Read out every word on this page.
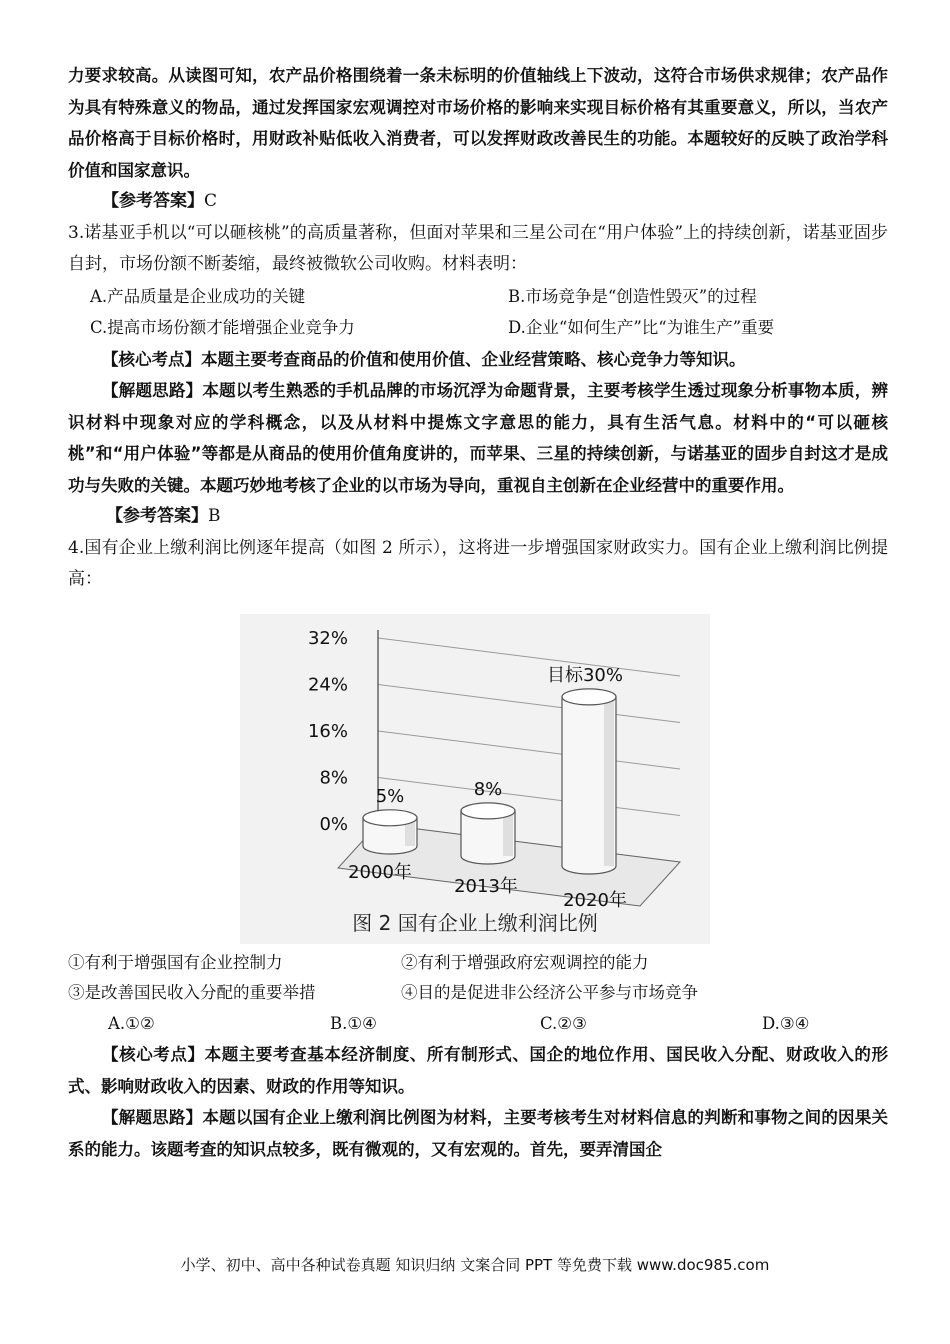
力要求较高。从读图可知，农产品价格围绕着一条未标明的价值轴线上下波动，这符合市场供求规律；农产品作为具有特殊意义的物品，通过发挥国家宏观调控对市场价格的影响来实现目标价格有其重要意义，所以，当农产品价格高于目标价格时，用财政补贴低收入消费者，可以发挥财政改善民生的功能。本题较好的反映了政治学科价值和国家意识。

【参考答案】C

3.诺基亚手机以“可以砸核桃”的高质量著称，但面对苹果和三星公司在“用户体验”上的持续创新，诺基亚固步自封，市场份额不断萎缩，最终被微软公司收购。材料表明：

A.产品质量是企业成功的关键	B.市场竞争是“创造性毁灭”的过程
C.提高市场份额才能增强企业竞争力	D.企业“如何生产”比“为谁生产”重要

【核心考点】本题主要考查商品的价值和使用价值、企业经营策略、核心竞争力等知识。

【解题思路】本题以考生熟悉的手机品牌的市场沉浮为命题背景，主要考核学生透过现象分析事物本质，辨识材料中现象对应的学科概念，以及从材料中提炼文字意思的能力，具有生活气息。材料中的“可以砸核桃”和“用户体验”等都是从商品的使用价值角度讲的，而苹果、三星的持续创新，与诺基亚的固步自封这才是成功与失败的关键。本题巧妙地考核了企业的以市场为导向，重视自主创新在企业经营中的重要作用。

【参考答案】B

4.国有企业上缴利润比例逐年提高（如图 2 所示），这将进一步增强国家财政实力。国有企业上缴利润比例提高：

0%
8%
16%
24%
32%
5%
2000年
8%
2013年
目标30%
2020年
图 2 国有企业上缴利润比例
①有利于增强国有企业控制力	②有利于增强政府宏观调控的能力
③是改善国民收入分配的重要举措	④目的是促进非公经济公平参与市场竞争
A.①②	B.①④	C.②③	D.③④

【核心考点】本题主要考查基本经济制度、所有制形式、国企的地位作用、国民收入分配、财政收入的形式、影响财政收入的因素、财政的作用等知识。

【解题思路】本题以国有企业上缴利润比例图为材料，主要考核考生对材料信息的判断和事物之间的因果关系的能力。该题考查的知识点较多，既有微观的，又有宏观的。首先，要弄清国企

小学、初中、高中各种试卷真题 知识归纳 文案合同 PPT 等免费下载 www.doc985.com
